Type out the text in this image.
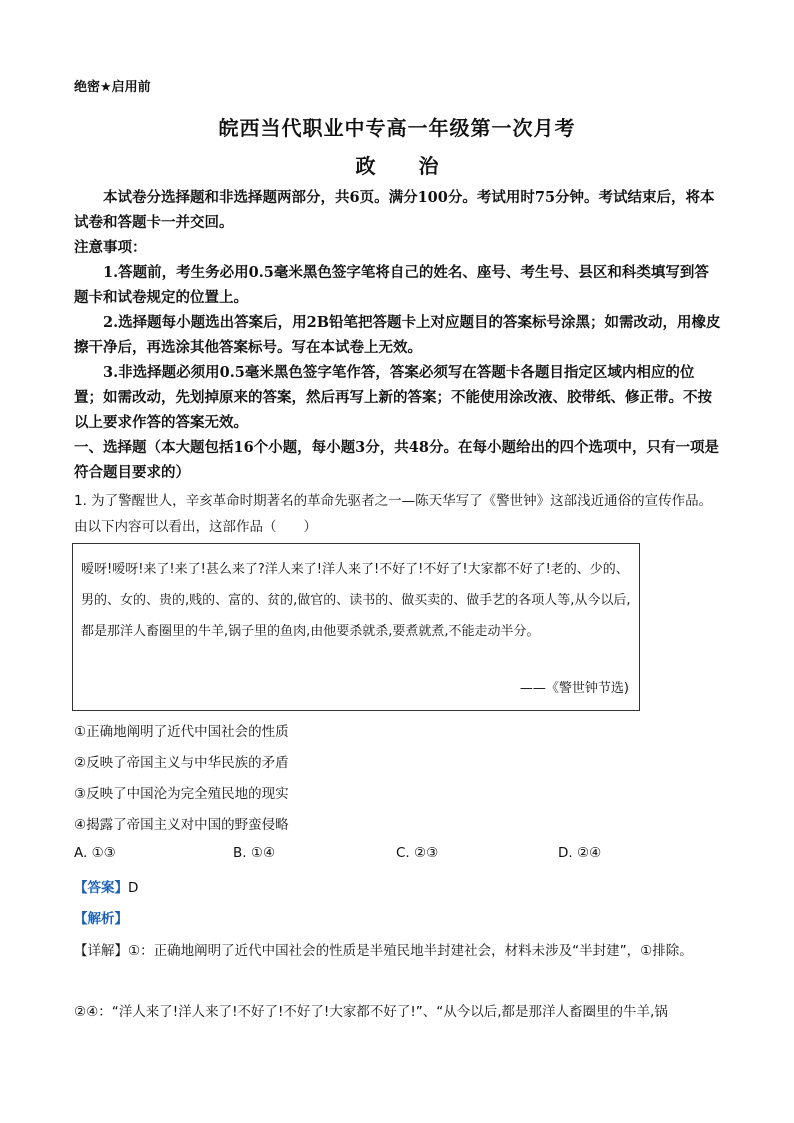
绝密★启用前
皖西当代职业中专高一年级第一次月考
政 治
本试卷分选择题和非选择题两部分，共6页。满分100分。考试用时75分钟。考试结束后，将本试卷和答题卡一并交回。
注意事项：
1.答题前，考生务必用0.5毫米黑色签字笔将自己的姓名、座号、考生号、县区和科类填写到答题卡和试卷规定的位置上。
2.选择题每小题选出答案后，用2B铅笔把答题卡上对应题目的答案标号涂黑；如需改动，用橡皮擦干净后，再选涂其他答案标号。写在本试卷上无效。
3.非选择题必须用0.5毫米黑色签字笔作答，答案必须写在答题卡各题目指定区域内相应的位置；如需改动，先划掉原来的答案，然后再写上新的答案；不能使用涂改液、胶带纸、修正带。不按以上要求作答的答案无效。
一、选择题（本大题包括16个小题，每小题3分，共48分。在每小题给出的四个选项中，只有一项是符合题目要求的）
1. 为了警醒世人，辛亥革命时期著名的革命先驱者之一—陈天华写了《警世钟》这部浅近通俗的宣传作品。由以下内容可以看出，这部作品（　　）
嗳呀!嗳呀!来了!来了!甚么来了?洋人来了!洋人来了!不好了!不好了!大家都不好了!老的、少的、男的、女的、贵的,贱的、富的、贫的,做官的、读书的、做买卖的、做手艺的各项人等,从今以后,都是那洋人畜圈里的牛羊,锅子里的鱼肉,由他要杀就杀,要煮就煮,不能走动半分。
——《警世钟节选)
①正确地阐明了近代中国社会的性质
②反映了帝国主义与中华民族的矛盾
③反映了中国沦为完全殖民地的现实
④揭露了帝国主义对中国的野蛮侵略
A. ①③	B. ①④	C. ②③	D. ②④
【答案】D
【解析】
【详解】①：正确地阐明了近代中国社会的性质是半殖民地半封建社会，材料未涉及“半封建”，①排除。
②④：“洋人来了!洋人来了!不好了!不好了!大家都不好了!”、“从今以后,都是那洋人畜圈里的牛羊,锅
